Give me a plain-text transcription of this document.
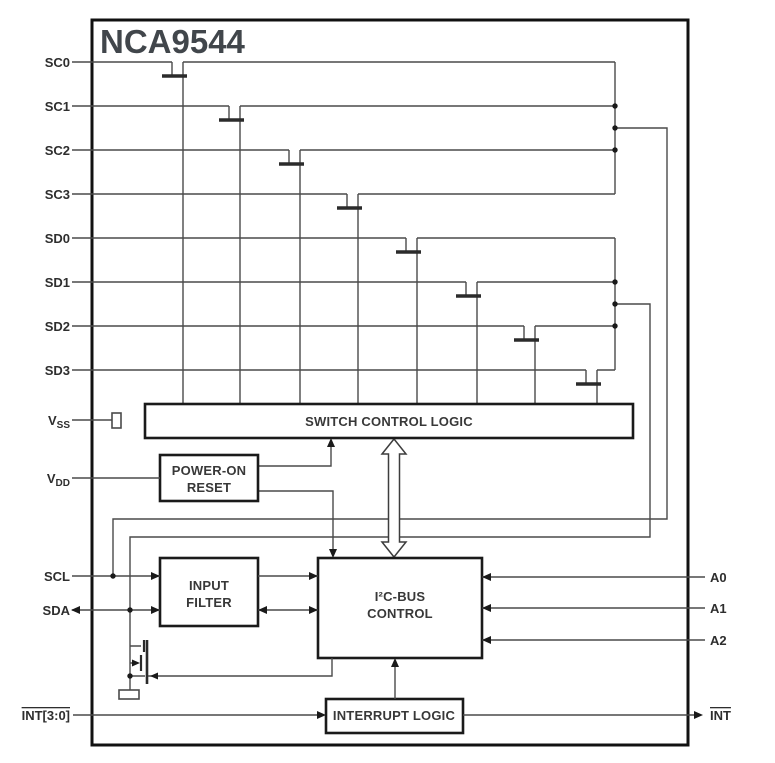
NCA9544
SWITCH CONTROL LOGIC
POWER-ON
RESET
INPUT
FILTER	I²C-BUS
CONTROL
INTERRUPT LOGIC
$V_{SS}$
$V_{DD}$
SCL
SDA
INT[3:0]	INT
A0
A1
A2
SC0
SC1
SC2
SC3
SD0
SD1
SD2
SD3
